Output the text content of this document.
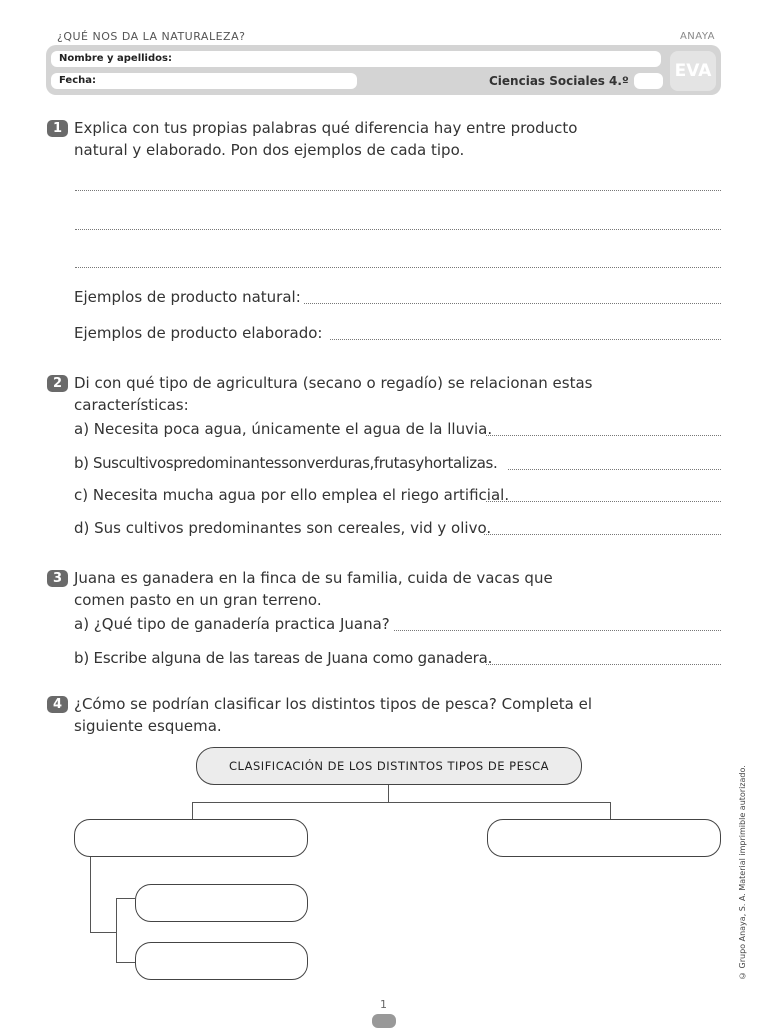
¿QUÉ NOS DA LA NATURALEZA?	ANAYA
Nombre y apellidos:
Fecha:	Ciencias Sociales 4.º	EVA
1 Explica con tus propias palabras qué diferencia hay entre producto natural y elaborado. Pon dos ejemplos de cada tipo.
Ejemplos de producto natural:
Ejemplos de producto elaborado:
2 Di con qué tipo de agricultura (secano o regadío) se relacionan estas características:
a) Necesita poca agua, únicamente el agua de la lluvia.
b) Suscultivospredominantessonverduras,frutasyhortalizas.
c) Necesita mucha agua por ello emplea el riego artificial.
d) Sus cultivos predominantes son cereales, vid y olivo.
3 Juana es ganadera en la finca de su familia, cuida de vacas que comen pasto en un gran terreno.
a) ¿Qué tipo de ganadería practica Juana?
b) Escribe alguna de las tareas de Juana como ganadera.
4 ¿Cómo se podrían clasificar los distintos tipos de pesca? Completa el siguiente esquema.
CLASIFICACIÓN DE LOS DISTINTOS TIPOS DE PESCA	© Grupo Anaya, S. A. Material imprimible autorizado.
1
